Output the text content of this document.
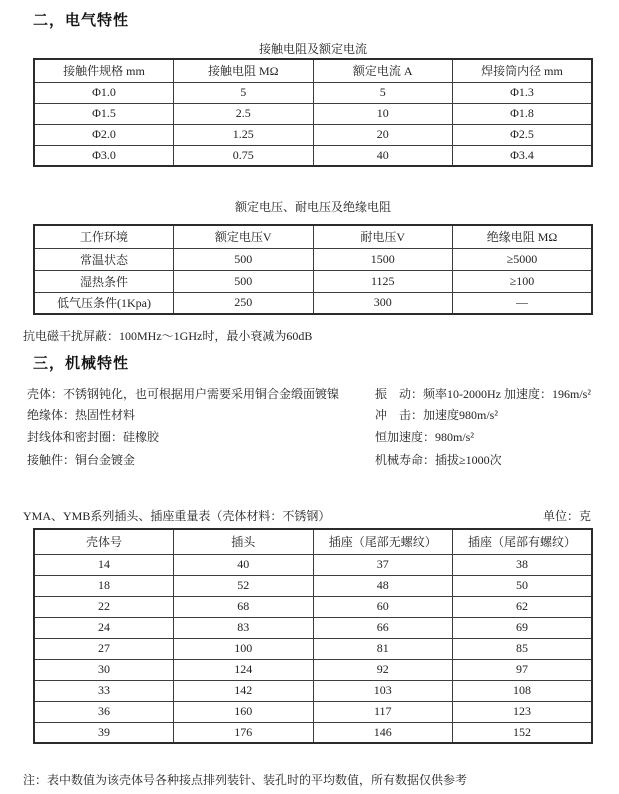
二，电气特性
接触电阻及额定电流
接触件规格 mm	接触电阻 MΩ	额定电流 A	焊接筒内径 mm
Φ1.0	5	5	Φ1.3
Φ1.5	2.5	10	Φ1.8
Φ2.0	1.25	20	Φ2.5
Φ3.0	0.75	40	Φ3.4
额定电压、耐电压及绝缘电阻
工作环境	额定电压V	耐电压V	绝缘电阻 MΩ
常温状态	500	1500	≥5000
湿热条件	500	1125	≥100
低气压条件(1Kpa)	250	300	—
抗电磁干扰屏蔽：100MHz～1GHz时，最小衰减为60dB
三，机械特性
壳体：不锈钢钝化，也可根据用户需要采用铜合金缎面镀镍
绝缘体：热固性材料
封线体和密封圈：硅橡胶
接触件：铜台金镀金
振　动：频率10-2000Hz 加速度：196m/s²
冲　击：加速度980m/s²
恒加速度：980m/s²
机械寿命：插拔≥1000次
YMA、YMB系列插头、插座重量表（壳体材料：不锈钢）	单位：克
壳体号	插头	插座（尾部无螺纹）	插座（尾部有螺纹）
14	40	37	38
18	52	48	50
22	68	60	62
24	83	66	69
27	100	81	85
30	124	92	97
33	142	103	108
36	160	117	123
39	176	146	152
注：表中数值为该壳体号各种接点排列装针、装孔时的平均数值，所有数据仅供参考
